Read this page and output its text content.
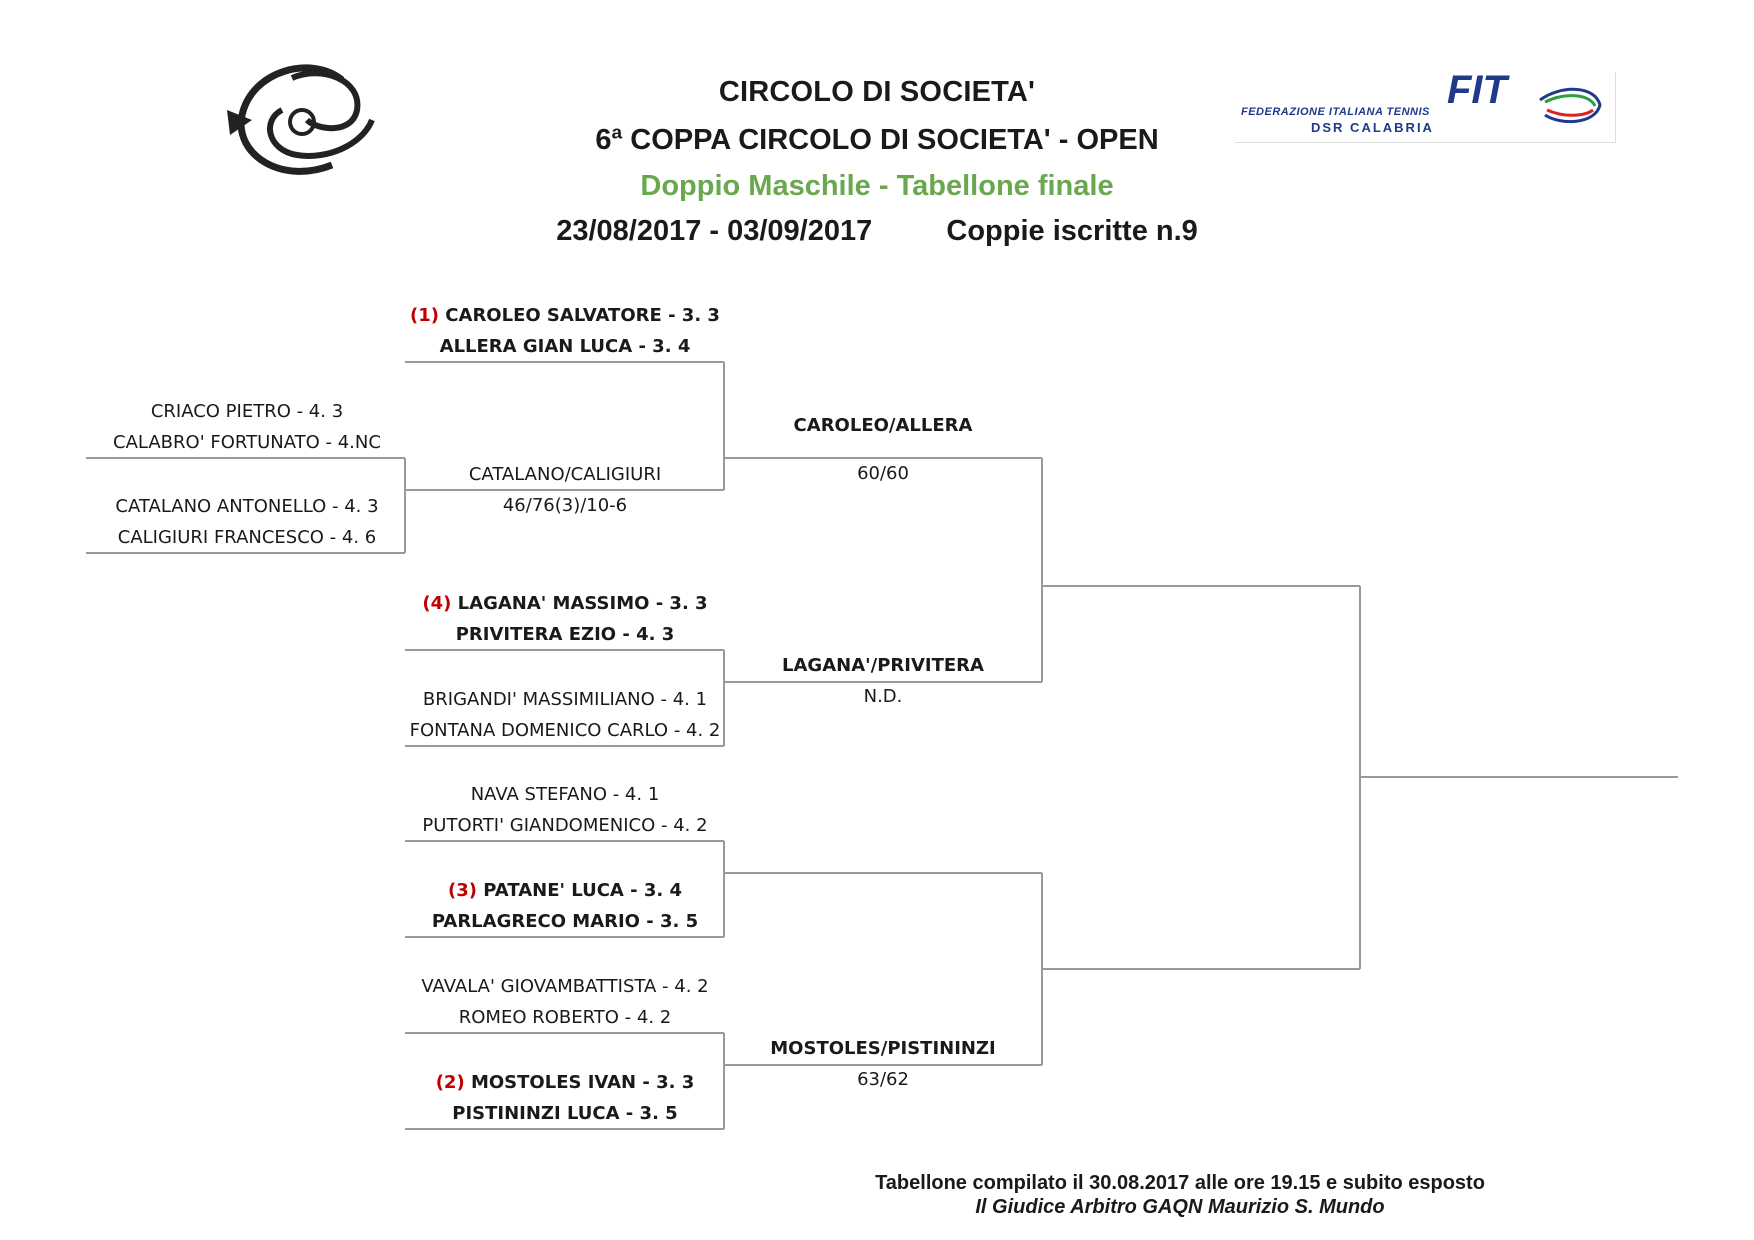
FIT
FEDERAZIONE ITALIANA TENNIS
DSR CALABRIA
CIRCOLO DI SOCIETA'
6ª COPPA CIRCOLO DI SOCIETA' - OPEN
Doppio Maschile - Tabellone finale
23/08/2017 - 03/09/2017	Coppie iscritte n.9
CRIACO PIETRO - 4. 3
CALABRO' FORTUNATO - 4.NC
CATALANO ANTONELLO - 4. 3
CALIGIURI FRANCESCO - 4. 6
CATALANO/CALIGIURI
46/76(3)/10-6
(1) CAROLEO SALVATORE - 3. 3
ALLERA GIAN LUCA - 3. 4
(4) LAGANA' MASSIMO - 3. 3
PRIVITERA EZIO - 4. 3
BRIGANDI' MASSIMILIANO - 4. 1
FONTANA DOMENICO CARLO - 4. 2
NAVA STEFANO - 4. 1
PUTORTI' GIANDOMENICO - 4. 2
(3) PATANE' LUCA - 3. 4
PARLAGRECO MARIO - 3. 5
VAVALA' GIOVAMBATTISTA - 4. 2
ROMEO ROBERTO - 4. 2
(2) MOSTOLES IVAN - 3. 3
PISTININZI LUCA - 3. 5
CAROLEO/ALLERA
60/60
LAGANA'/PRIVITERA
N.D.
MOSTOLES/PISTININZI
63/62
Tabellone compilato il 30.08.2017 alle ore 19.15 e subito esposto
Il Giudice Arbitro GAQN Maurizio S. Mundo
